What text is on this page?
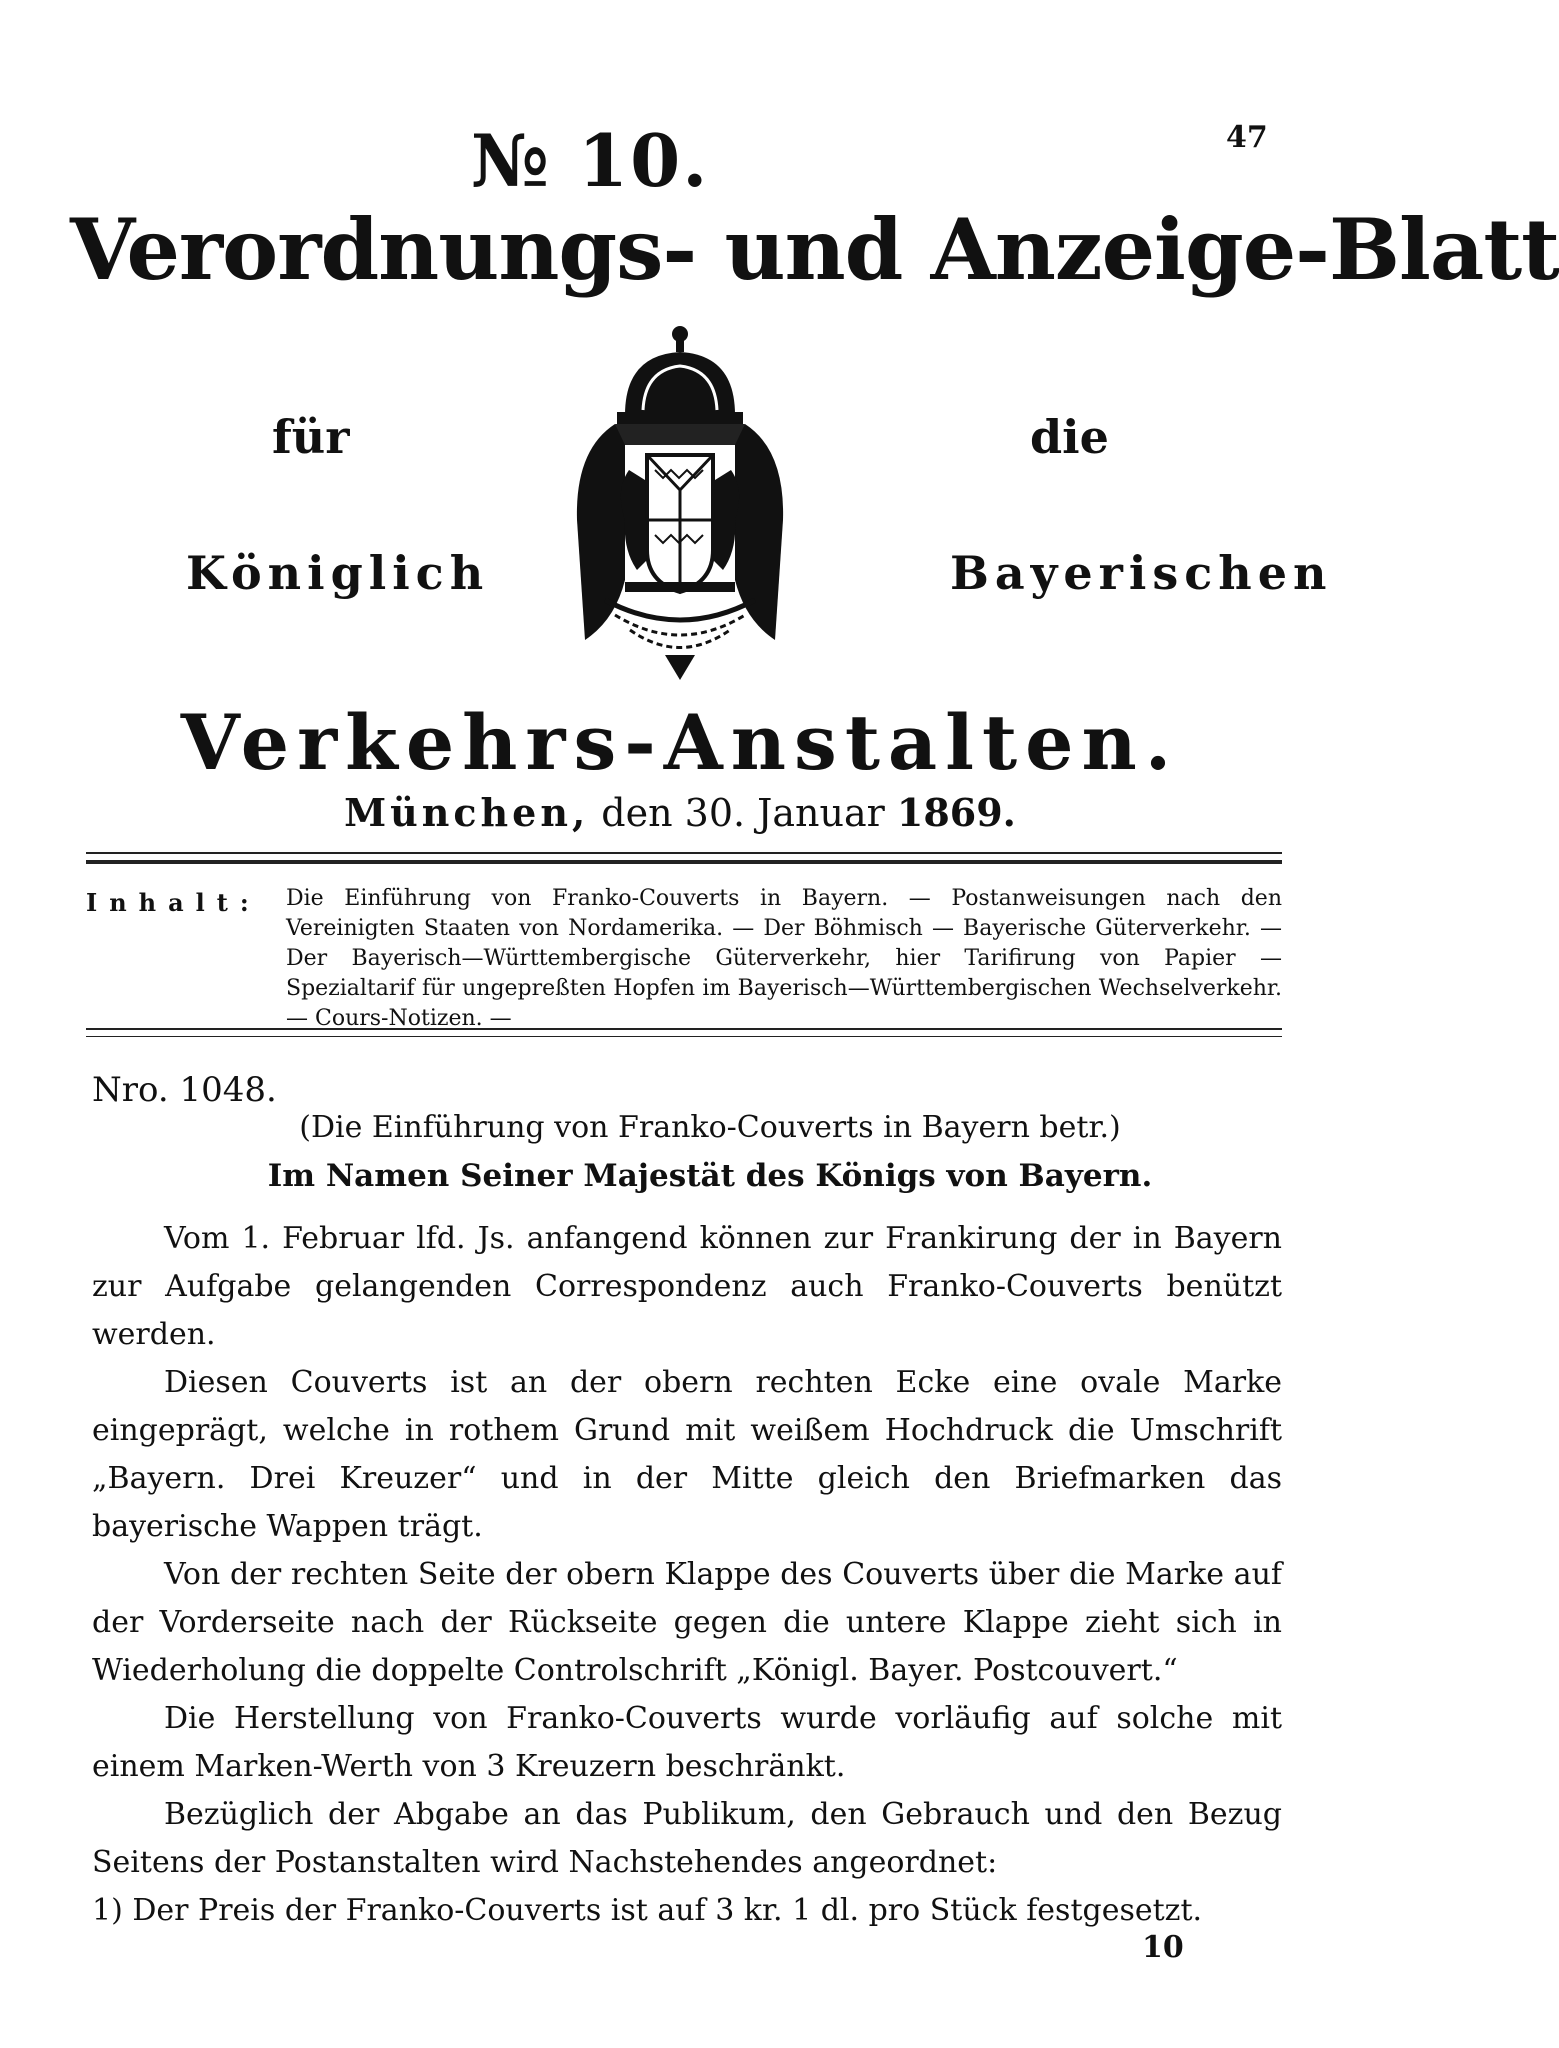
47
№ 10.
Verordnungs- und Anzeige-Blatt
für	die
Königlich	Bayerischen
Verkehrs-Anstalten.
München, den 30. Januar 1869.
Inhalt: Die Einführung von Franko-Couverts in Bayern. — Postanweisungen nach den Vereinigten Staaten von Nordamerika. — Der Böhmisch — Bayerische Güterverkehr. — Der Bayerisch—Württembergische Güterverkehr, hier Tarifirung von Papier — Spezialtarif für ungepreßten Hopfen im Bayerisch—Württembergischen Wechselverkehr. — Cours-Notizen. —
Nro. 1048.
(Die Einführung von Franko-Couverts in Bayern betr.)
Im Namen Seiner Majestät des Königs von Bayern.

Vom 1. Februar lfd. Js. anfangend können zur Frankirung der in Bayern zur Aufgabe gelangenden Correspondenz auch Franko-Couverts benützt werden.

Diesen Couverts ist an der obern rechten Ecke eine ovale Marke eingeprägt, welche in rothem Grund mit weißem Hochdruck die Umschrift „Bayern. Drei Kreuzer“ und in der Mitte gleich den Briefmarken das bayerische Wappen trägt.

Von der rechten Seite der obern Klappe des Couverts über die Marke auf der Vorderseite nach der Rückseite gegen die untere Klappe zieht sich in Wiederholung die doppelte Controlschrift „Königl. Bayer. Postcouvert.“

Die Herstellung von Franko-Couverts wurde vorläufig auf solche mit einem Marken-Werth von 3 Kreuzern beschränkt.

Bezüglich der Abgabe an das Publikum, den Gebrauch und den Bezug Seitens der Postanstalten wird Nachstehendes angeordnet:

1) Der Preis der Franko-Couverts ist auf 3 kr. 1 dl. pro Stück festgesetzt.

10
